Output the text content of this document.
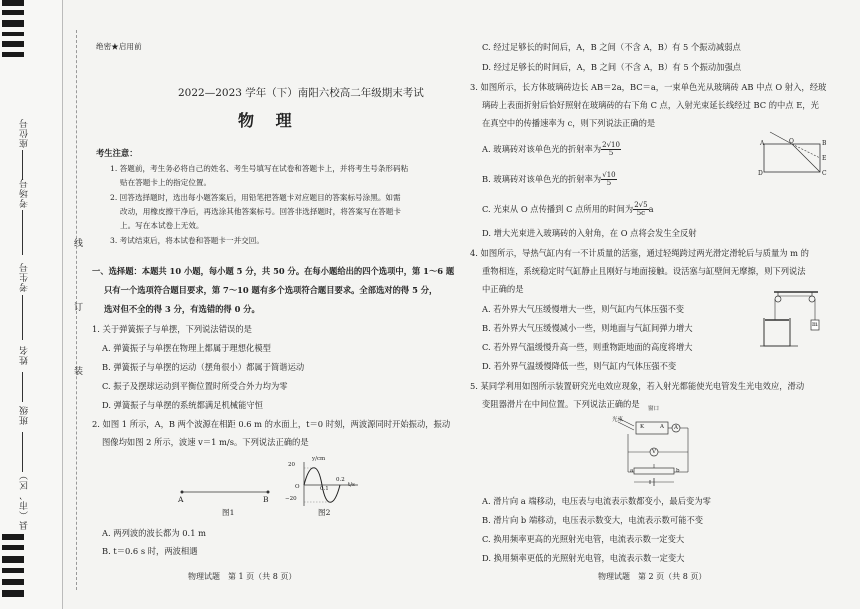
座位号
考场号
考生号
姓名
班级
县（市、区）
线
订
装
绝密★启用前
2022—2023 学年（下）南阳六校高二年级期末考试
物 理
考生注意：
1. 答题前，考生务必将自己的姓名、考生号填写在试卷和答题卡上，并将考生号条形码粘
贴在答题卡上的指定位置。
2. 回答选择题时，选出每小题答案后，用铅笔把答题卡对应题目的答案标号涂黑。如需
改动，用橡皮擦干净后，再选涂其他答案标号。回答非选择题时，将答案写在答题卡
上。写在本试卷上无效。
3. 考试结束后，将本试卷和答题卡一并交回。
一、选择题：本题共 10 小题，每小题 5 分，共 50 分。在每小题给出的四个选项中，第 1～6 题
只有一个选项符合题目要求，第 7～10 题有多个选项符合题目要求。全部选对的得 5 分，
选对但不全的得 3 分，有选错的得 0 分。
1. 关于弹簧振子与单摆，下列说法错误的是
A. 弹簧振子与单摆在物理上都属于理想化模型
B. 弹簧振子与单摆的运动（摆角很小）都属于简谐运动
C. 振子及摆球运动到平衡位置时所受合外力均为零
D. 弹簧振子与单摆的系统都满足机械能守恒
2. 如图 1 所示，A，B 两个波源在相距 0.6 m 的水面上，t＝0 时刻，两波源同时开始振动，振动
图像均如图 2 所示，波速 v＝1 m/s。下列说法正确的是
A	B
图1
y/cm
20
−20
O	0.1
0.2
t/s
图2
A. 两列波的波长都为 0.1 m
B. t＝0.6 s 时，两波相遇
物理试题　第 1 页（共 8 页）
C. 经过足够长的时间后，A，B 之间（不含 A，B）有 5 个振动减弱点
D. 经过足够长的时间后，A，B 之间（不含 A，B）有 5 个振动加强点
3. 如图所示，长方体玻璃砖边长 AB＝2a，BC＝a，一束单色光从玻璃砖 AB 中点 O 射入，经玻
璃砖上表面折射后恰好照射在玻璃砖的右下角 C 点，入射光束延长线经过 BC 的中点 E，光
在真空中的传播速率为 c，则下列说法正确的是
A. 玻璃砖对该单色光的折射率为 $\frac{2√10}{5}$
B. 玻璃砖对该单色光的折射率为 $\frac{√10}{5}$
C. 光束从 O 点传播到 C 点所用的时间为 $\frac{2√5}{5c}$ a
D. 增大光束进入玻璃砖的入射角，在 O 点将会发生全反射
A	O	B
E
C
D
4. 如图所示，导热气缸内有一不计质量的活塞，通过轻绳跨过两光滑定滑轮后与质量为 m 的
重物相连，系统稳定时气缸静止且刚好与地面接触。设活塞与缸壁间无摩擦，则下列说法
中正确的是
A. 若外界大气压缓慢增大一些，则气缸内气体压强不变
B. 若外界大气压缓慢减小一些，则地面与气缸间弹力增大
C. 若外界气温缓慢升高一些，则重物距地面的高度将增大
D. 若外界气温缓慢降低一些，则气缸内气体压强不变
m
5. 某同学利用如图所示装置研究光电效应现象，若入射光都能使光电管发生光电效应，滑动
变阻器滑片在中间位置。下列说法正确的是 窗口
光束
K	A
V
A
a	b
A. 滑片向 a 端移动，电压表与电流表示数都变小，最后变为零
B. 滑片向 b 端移动，电压表示数变大，电流表示数可能不变
C. 换用频率更高的光照射光电管，电流表示数一定变大
D. 换用频率更低的光照射光电管，电流表示数一定变大
物理试题　第 2 页（共 8 页）
